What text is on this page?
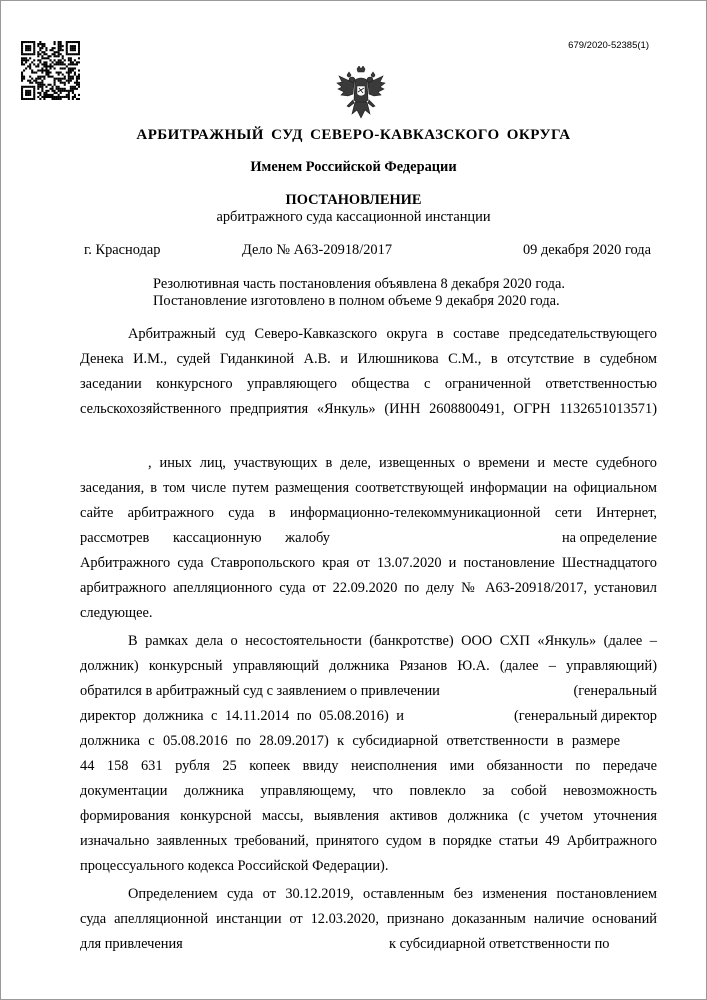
679/2020-52385(1)
АРБИТРАЖНЫЙ СУД СЕВЕРО-КАВКАЗСКОГО ОКРУГА
Именем Российской Федерации
ПОСТАНОВЛЕНИЕ
арбитражного суда кассационной инстанции
г. Краснодар	Дело № А63-20918/2017	09 декабря 2020 года
Резолютивная часть постановления объявлена 8 декабря 2020 года.
Постановление изготовлено в полном объеме 9 декабря 2020 года.
Арбитражный суд Северо-Кавказского округа в составе председательствующего
Денека И.М., судей Гиданкиной А.В. и Илюшникова С.М., в отсутствие в судебном
заседании конкурсного управляющего общества с ограниченной ответственностью
сельскохозяйственного предприятия «Янкуль» (ИНН 2608800491, ОГРН 1132651013571)
, иных лиц, участвующих в деле, извещенных о времени и месте судебного
заседания, в том числе путем размещения соответствующей информации на официальном
сайте арбитражного суда в информационно-телекоммуникационной сети Интернет,
рассмотрев кассационную жалобу	на определение
Арбитражного суда Ставропольского края от 13.07.2020 и постановление Шестнадцатого
арбитражного апелляционного суда от 22.09.2020 по делу № А63-20918/2017, установил
следующее.
В рамках дела о несостоятельности (банкротстве) ООО СХП «Янкуль» (далее –
должник) конкурсный управляющий должника Рязанов Ю.А. (далее – управляющий)
обратился в арбитражный суд с заявлением о привлечении	(генеральный
директор должника с 14.11.2014 по 05.08.2016) и	(генеральный директор
должника с 05.08.2016 по 28.09.2017) к субсидиарной ответственности в размере
44 158 631 рубля 25 копеек ввиду неисполнения ими обязанности по передаче
документации должника управляющему, что повлекло за собой невозможность
формирования конкурсной массы, выявления активов должника (с учетом уточнения
изначально заявленных требований, принятого судом в порядке статьи 49 Арбитражного
процессуального кодекса Российской Федерации).
Определением суда от 30.12.2019, оставленным без изменения постановлением
суда апелляционной инстанции от 12.03.2020, признано доказанным наличие оснований
для привлечения	к субсидиарной ответственности по
